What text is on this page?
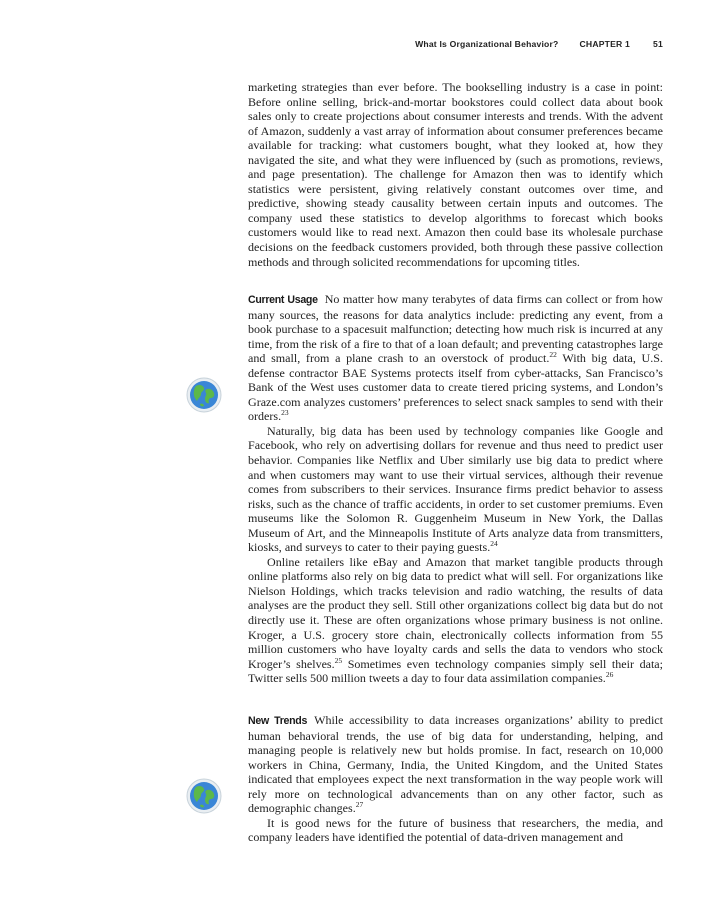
What Is Organizational Behavior? CHAPTER 1	51

marketing strategies than ever before. The bookselling industry is a case in point: Before online selling, brick-and-mortar bookstores could collect data about book sales only to create projections about consumer interests and trends. With the advent of Amazon, suddenly a vast array of information about consumer preferences became available for tracking: what customers bought, what they looked at, how they navigated the site, and what they were influenced by (such as promotions, reviews, and page presentation). The challenge for Amazon then was to identify which statistics were persistent, giving relatively constant outcomes over time, and predictive, showing steady causality between certain inputs and outcomes. The company used these statistics to develop algorithms to forecast which books customers would like to read next. Amazon then could base its wholesale purchase decisions on the feedback customers provided, both through these passive collection methods and through solicited recommendations for upcoming titles.

Current Usage No matter how many terabytes of data firms can collect or from how many sources, the reasons for data analytics include: predicting any event, from a book purchase to a spacesuit malfunction; detecting how much risk is incurred at any time, from the risk of a fire to that of a loan default; and preventing catastrophes large and small, from a plane crash to an overstock of product.$^{22}$ With big data, U.S. defense contractor BAE Systems protects itself from cyber-attacks, San Francisco’s Bank of the West uses customer data to create tiered pricing systems, and London’s Graze.com analyzes customers’ preferences to select snack samples to send with their orders.$^{23}$

Naturally, big data has been used by technology companies like Google and Facebook, who rely on advertising dollars for revenue and thus need to predict user behavior. Companies like Netflix and Uber similarly use big data to predict where and when customers may want to use their virtual services, although their revenue comes from subscribers to their services. Insurance firms predict behavior to assess risks, such as the chance of traffic accidents, in order to set customer premiums. Even museums like the Solomon R. Guggenheim Museum in New York, the Dallas Museum of Art, and the Minneapolis Institute of Arts analyze data from transmitters, kiosks, and surveys to cater to their paying guests.$^{24}$

Online retailers like eBay and Amazon that market tangible products through online platforms also rely on big data to predict what will sell. For organizations like Nielson Holdings, which tracks television and radio watching, the results of data analyses are the product they sell. Still other organizations collect big data but do not directly use it. These are often organizations whose primary business is not online. Kroger, a U.S. grocery store chain, electronically collects information from 55 million customers who have loyalty cards and sells the data to vendors who stock Kroger’s shelves.$^{25}$ Sometimes even technology companies simply sell their data; Twitter sells 500 million tweets a day to four data assimilation companies.$^{26}$

New Trends While accessibility to data increases organizations’ ability to predict human behavioral trends, the use of big data for understanding, helping, and managing people is relatively new but holds promise. In fact, research on 10,000 workers in China, Germany, India, the United Kingdom, and the United States indicated that employees expect the next transformation in the way people work will rely more on technological advancements than on any other factor, such as demographic changes.$^{27}$

It is good news for the future of business that researchers, the media, and company leaders have identified the potential of data-driven management and
